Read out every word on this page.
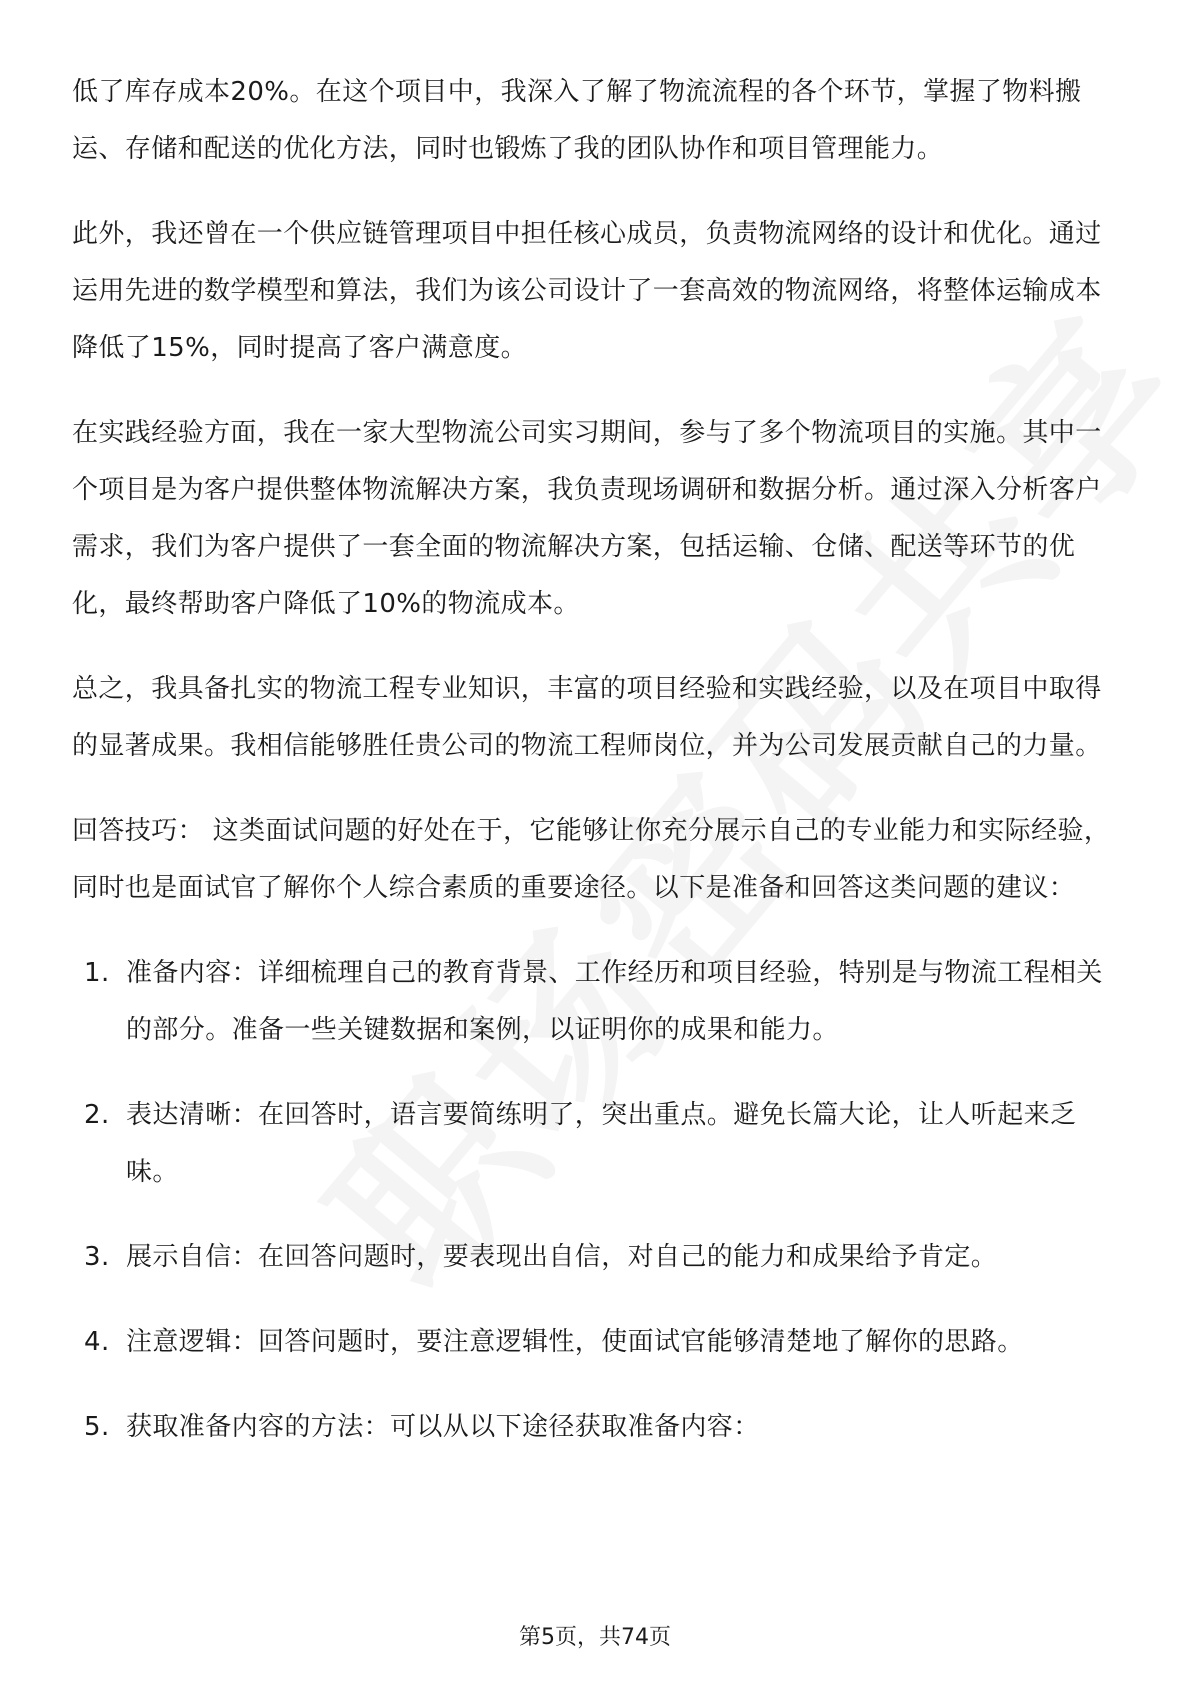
低了库存成本20%。在这个项目中，我深入了解了物流流程的各个环节，掌握了物料搬运、存储和配送的优化方法，同时也锻炼了我的团队协作和项目管理能力。

此外，我还曾在一个供应链管理项目中担任核心成员，负责物流网络的设计和优化。通过运用先进的数学模型和算法，我们为该公司设计了一套高效的物流网络，将整体运输成本降低了15%，同时提高了客户满意度。

在实践经验方面，我在一家大型物流公司实习期间，参与了多个物流项目的实施。其中一个项目是为客户提供整体物流解决方案，我负责现场调研和数据分析。通过深入分析客户需求，我们为客户提供了一套全面的物流解决方案，包括运输、仓储、配送等环节的优化，最终帮助客户降低了10%的物流成本。

总之，我具备扎实的物流工程专业知识，丰富的项目经验和实践经验，以及在项目中取得的显著成果。我相信能够胜任贵公司的物流工程师岗位，并为公司发展贡献自己的力量。

回答技巧： 这类面试问题的好处在于，它能够让你充分展示自己的专业能力和实际经验，同时也是面试官了解你个人综合素质的重要途径。以下是准备和回答这类问题的建议：

1. 准备内容：详细梳理自己的教育背景、工作经历和项目经验，特别是与物流工程相关的部分。准备一些关键数据和案例，以证明你的成果和能力。
2. 表达清晰：在回答时，语言要简练明了，突出重点。避免长篇大论，让人听起来乏味。
3. 展示自信：在回答问题时，要表现出自信，对自己的能力和成果给予肯定。
4. 注意逻辑：回答问题时，要注意逻辑性，使面试官能够清楚地了解你的思路。
5. 获取准备内容的方法：可以从以下途径获取准备内容：
第5页，共74页
